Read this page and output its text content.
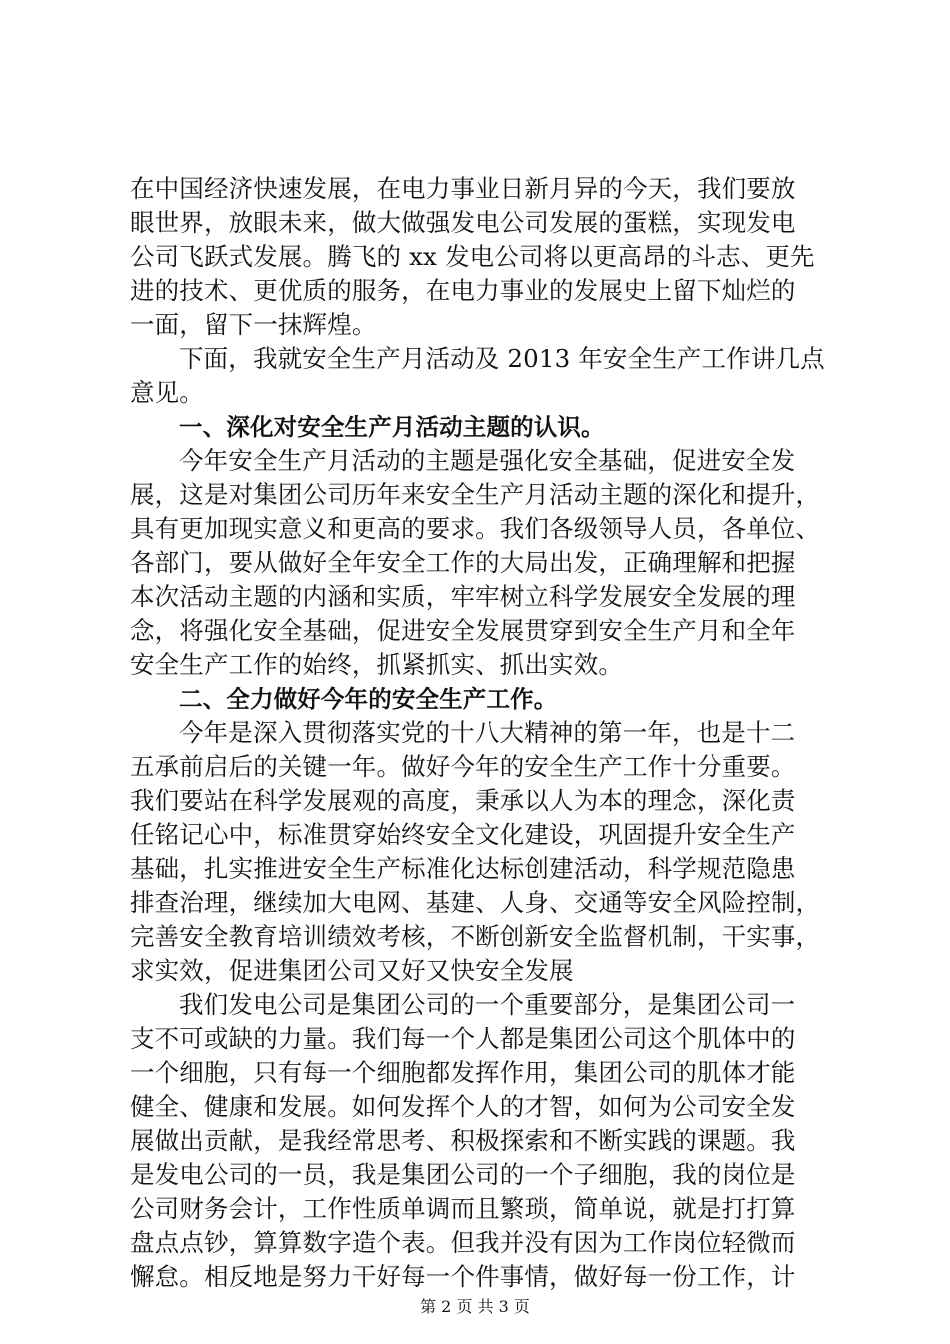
在中国经济快速发展，在电力事业日新月异的今天，我们要放
眼世界，放眼未来，做大做强发电公司发展的蛋糕，实现发电
公司飞跃式发展。腾飞的 xx 发电公司将以更高昂的斗志、更先
进的技术、更优质的服务，在电力事业的发展史上留下灿烂的
一面，留下一抹辉煌。
下面，我就安全生产月活动及 2013 年安全生产工作讲几点
意见。
一、深化对安全生产月活动主题的认识。
今年安全生产月活动的主题是强化安全基础，促进安全发
展，这是对集团公司历年来安全生产月活动主题的深化和提升，
具有更加现实意义和更高的要求。我们各级领导人员，各单位、
各部门，要从做好全年安全工作的大局出发，正确理解和把握
本次活动主题的内涵和实质，牢牢树立科学发展安全发展的理
念，将强化安全基础，促进安全发展贯穿到安全生产月和全年
安全生产工作的始终，抓紧抓实、抓出实效。
二、全力做好今年的安全生产工作。
今年是深入贯彻落实党的十八大精神的第一年，也是十二
五承前启后的关键一年。做好今年的安全生产工作十分重要。
我们要站在科学发展观的高度，秉承以人为本的理念，深化责
任铭记心中，标准贯穿始终安全文化建设，巩固提升安全生产
基础，扎实推进安全生产标准化达标创建活动，科学规范隐患
排查治理，继续加大电网、基建、人身、交通等安全风险控制，
完善安全教育培训绩效考核，不断创新安全监督机制，干实事，
求实效，促进集团公司又好又快安全发展
我们发电公司是集团公司的一个重要部分，是集团公司一
支不可或缺的力量。我们每一个人都是集团公司这个肌体中的
一个细胞，只有每一个细胞都发挥作用，集团公司的肌体才能
健全、健康和发展。如何发挥个人的才智，如何为公司安全发
展做出贡献，是我经常思考、积极探索和不断实践的课题。我
是发电公司的一员，我是集团公司的一个子细胞，我的岗位是
公司财务会计，工作性质单调而且繁琐，简单说，就是打打算
盘点点钞，算算数字造个表。但我并没有因为工作岗位轻微而
懈怠。相反地是努力干好每一个件事情，做好每一份工作，计
第 2 页 共 3 页
